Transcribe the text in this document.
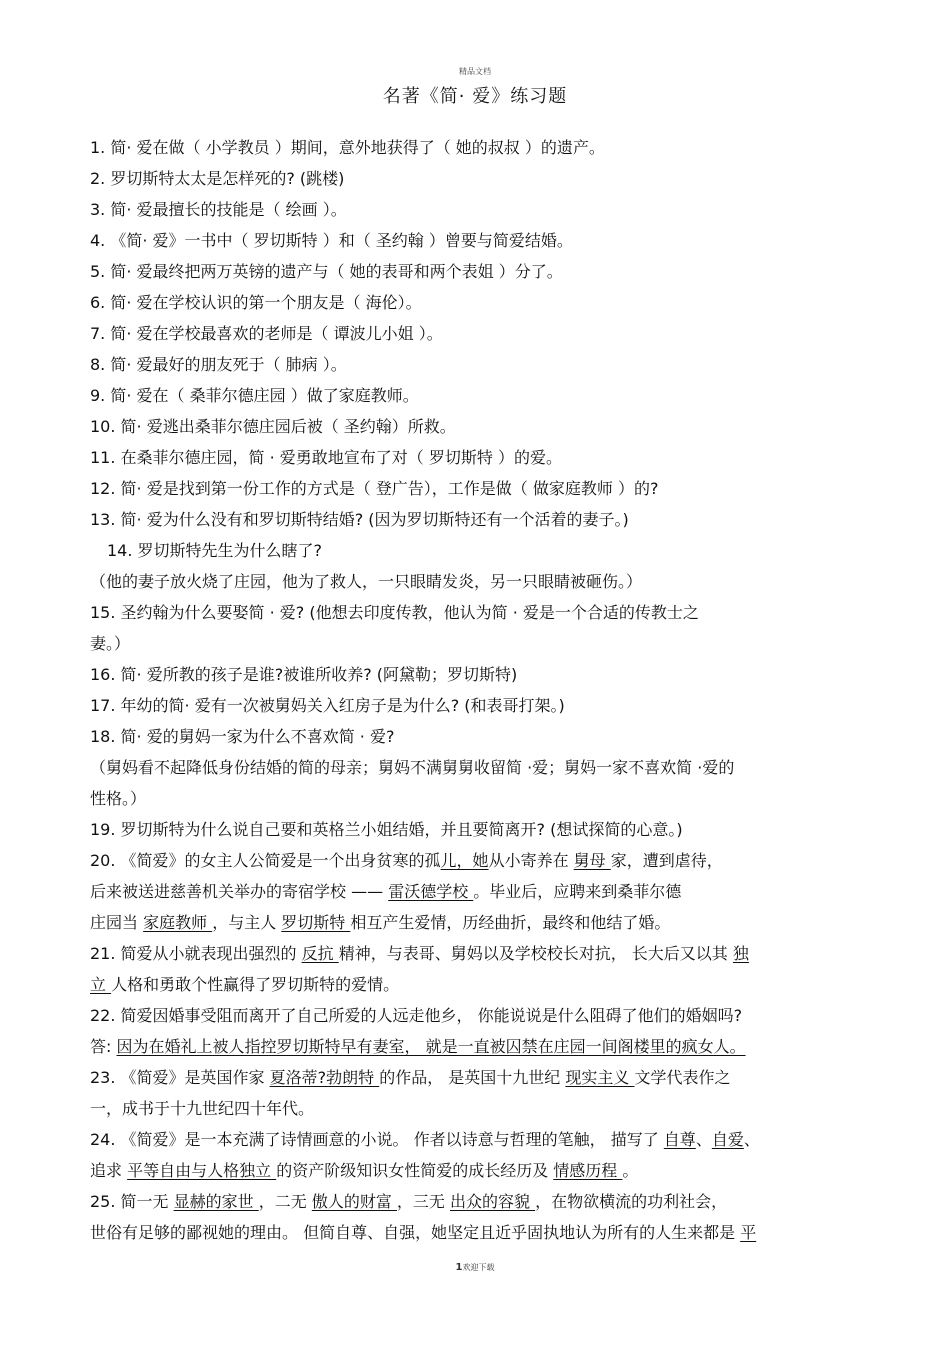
精品文档
名著《简· 爱》练习题
1. 简· 爱在做（ 小学教员 ）期间，意外地获得了（ 她的叔叔 ）的遗产。
2. 罗切斯特太太是怎样死的? (跳楼)
3. 简· 爱最擅长的技能是（ 绘画 ）。
4. 《简· 爱》一书中（ 罗切斯特 ）和（ 圣约翰 ）曾要与简爱结婚。
5. 简· 爱最终把两万英镑的遗产与（ 她的表哥和两个表姐 ）分了。
6. 简· 爱在学校认识的第一个朋友是（ 海伦）。
7. 简· 爱在学校最喜欢的老师是（ 谭波儿小姐 ）。
8. 简· 爱最好的朋友死于（ 肺病 ）。
9. 简· 爱在（ 桑菲尔德庄园 ）做了家庭教师。
10. 简· 爱逃出桑菲尔德庄园后被（ 圣约翰）所救。
11. 在桑菲尔德庄园，简 · 爱勇敢地宣布了对（ 罗切斯特 ）的爱。
12. 简· 爱是找到第一份工作的方式是（ 登广告），工作是做（ 做家庭教师 ）的?
13. 简· 爱为什么没有和罗切斯特结婚? (因为罗切斯特还有一个活着的妻子。)
14. 罗切斯特先生为什么瞎了?
（他的妻子放火烧了庄园，他为了救人，一只眼睛发炎，另一只眼睛被砸伤。）
15. 圣约翰为什么要娶简 · 爱? (他想去印度传教，他认为简 · 爱是一个合适的传教士之
妻。）
16. 简· 爱所教的孩子是谁?被谁所收养? (阿黛勒；罗切斯特)
17. 年幼的简· 爱有一次被舅妈关入红房子是为什么? (和表哥打架。)
18. 简· 爱的舅妈一家为什么不喜欢简 · 爱?
（舅妈看不起降低身份结婚的简的母亲；舅妈不满舅舅收留简 ·爱；舅妈一家不喜欢简 ·爱的
性格。）
19. 罗切斯特为什么说自己要和英格兰小姐结婚，并且要简离开? (想试探简的心意。)
20. 《简爱》的女主人公简爱是一个出身贫寒的孤儿，她从小寄养在 舅母 家，遭到虐待，
后来被送进慈善机关举办的寄宿学校 —— 雷沃德学校 。毕业后，应聘来到桑菲尔德
庄园当 家庭教师 ，与主人 罗切斯特 相互产生爱情，历经曲折，最终和他结了婚。
21. 简爱从小就表现出强烈的 反抗 精神，与表哥、舅妈以及学校校长对抗， 长大后又以其 独
立 人格和勇敢个性赢得了罗切斯特的爱情。
22. 简爱因婚事受阻而离开了自己所爱的人远走他乡， 你能说说是什么阻碍了他们的婚姻吗?
答: 因为在婚礼上被人指控罗切斯特早有妻室， 就是一直被囚禁在庄园一间阁楼里的疯女人。
23. 《简爱》是英国作家 夏洛蒂?勃朗特 的作品， 是英国十九世纪 现实主义 文学代表作之
一，成书于十九世纪四十年代。
24. 《简爱》是一本充满了诗情画意的小说。 作者以诗意与哲理的笔触， 描写了 自尊、自爱、
追求 平等自由与人格独立 的资产阶级知识女性简爱的成长经历及 情感历程 。
25. 简一无 显赫的家世 ，二无 傲人的财富 ，三无 出众的容貌 ，在物欲横流的功利社会，
世俗有足够的鄙视她的理由。 但简自尊、自强，她坚定且近乎固执地认为所有的人生来都是 平
1欢迎下载
